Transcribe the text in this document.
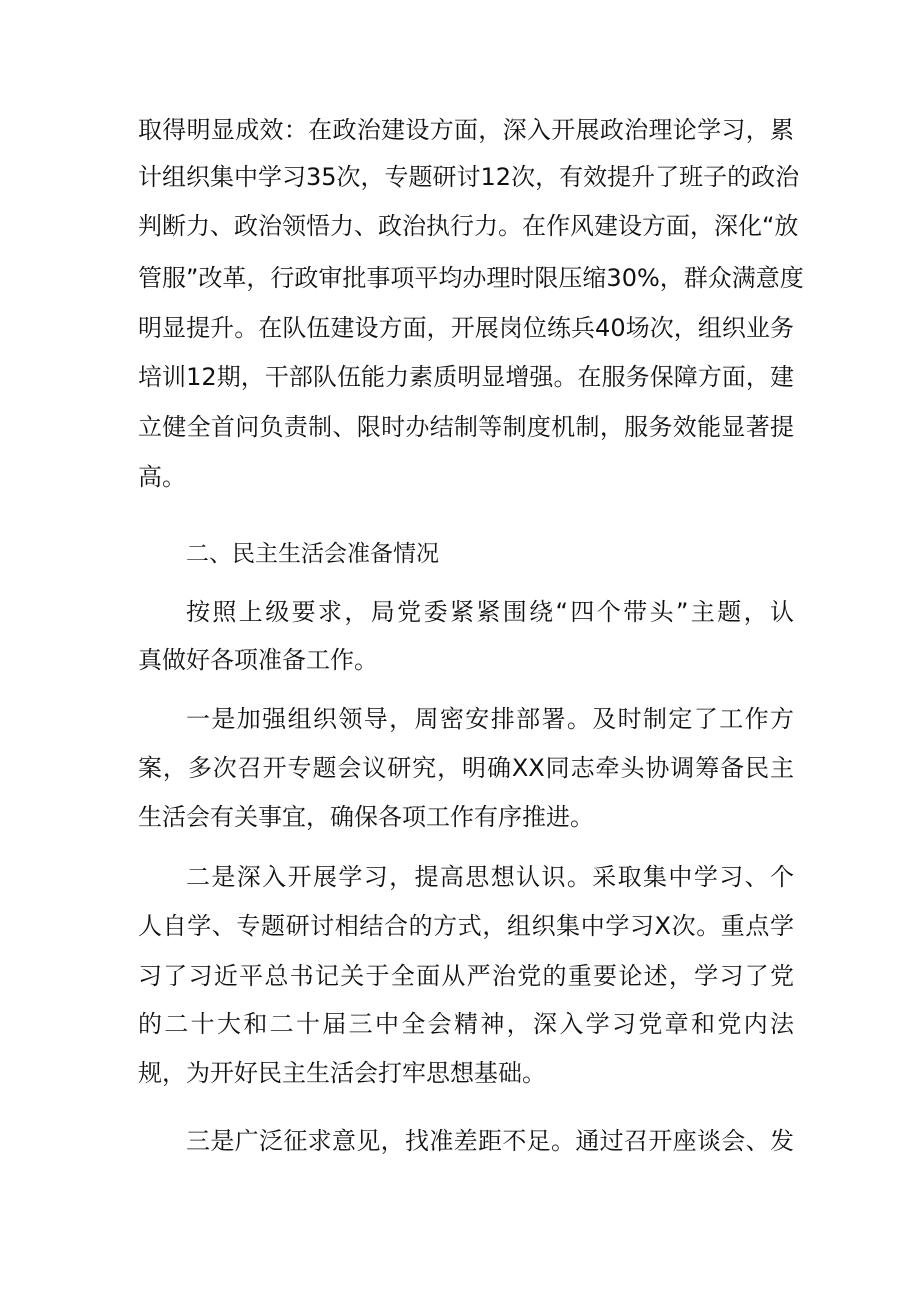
取得明显成效：在政治建设方面，深入开展政治理论学习，累
计组织集中学习35次，专题研讨12次，有效提升了班子的政治
判断力、政治领悟力、政治执行力。在作风建设方面，深化“放
管服”改革，行政审批事项平均办理时限压缩30%，群众满意度
明显提升。在队伍建设方面，开展岗位练兵40场次，组织业务
培训12期，干部队伍能力素质明显增强。在服务保障方面，建
立健全首问负责制、限时办结制等制度机制，服务效能显著提
高。
二、民主生活会准备情况
按照上级要求，局党委紧紧围绕“四个带头”主题，认
真做好各项准备工作。
一是加强组织领导，周密安排部署。及时制定了工作方
案，多次召开专题会议研究，明确XX同志牵头协调筹备民主
生活会有关事宜，确保各项工作有序推进。
二是深入开展学习，提高思想认识。采取集中学习、个
人自学、专题研讨相结合的方式，组织集中学习X次。重点学
习了习近平总书记关于全面从严治党的重要论述，学习了党
的二十大和二十届三中全会精神，深入学习党章和党内法
规，为开好民主生活会打牢思想基础。
三是广泛征求意见，找准差距不足。通过召开座谈会、发
